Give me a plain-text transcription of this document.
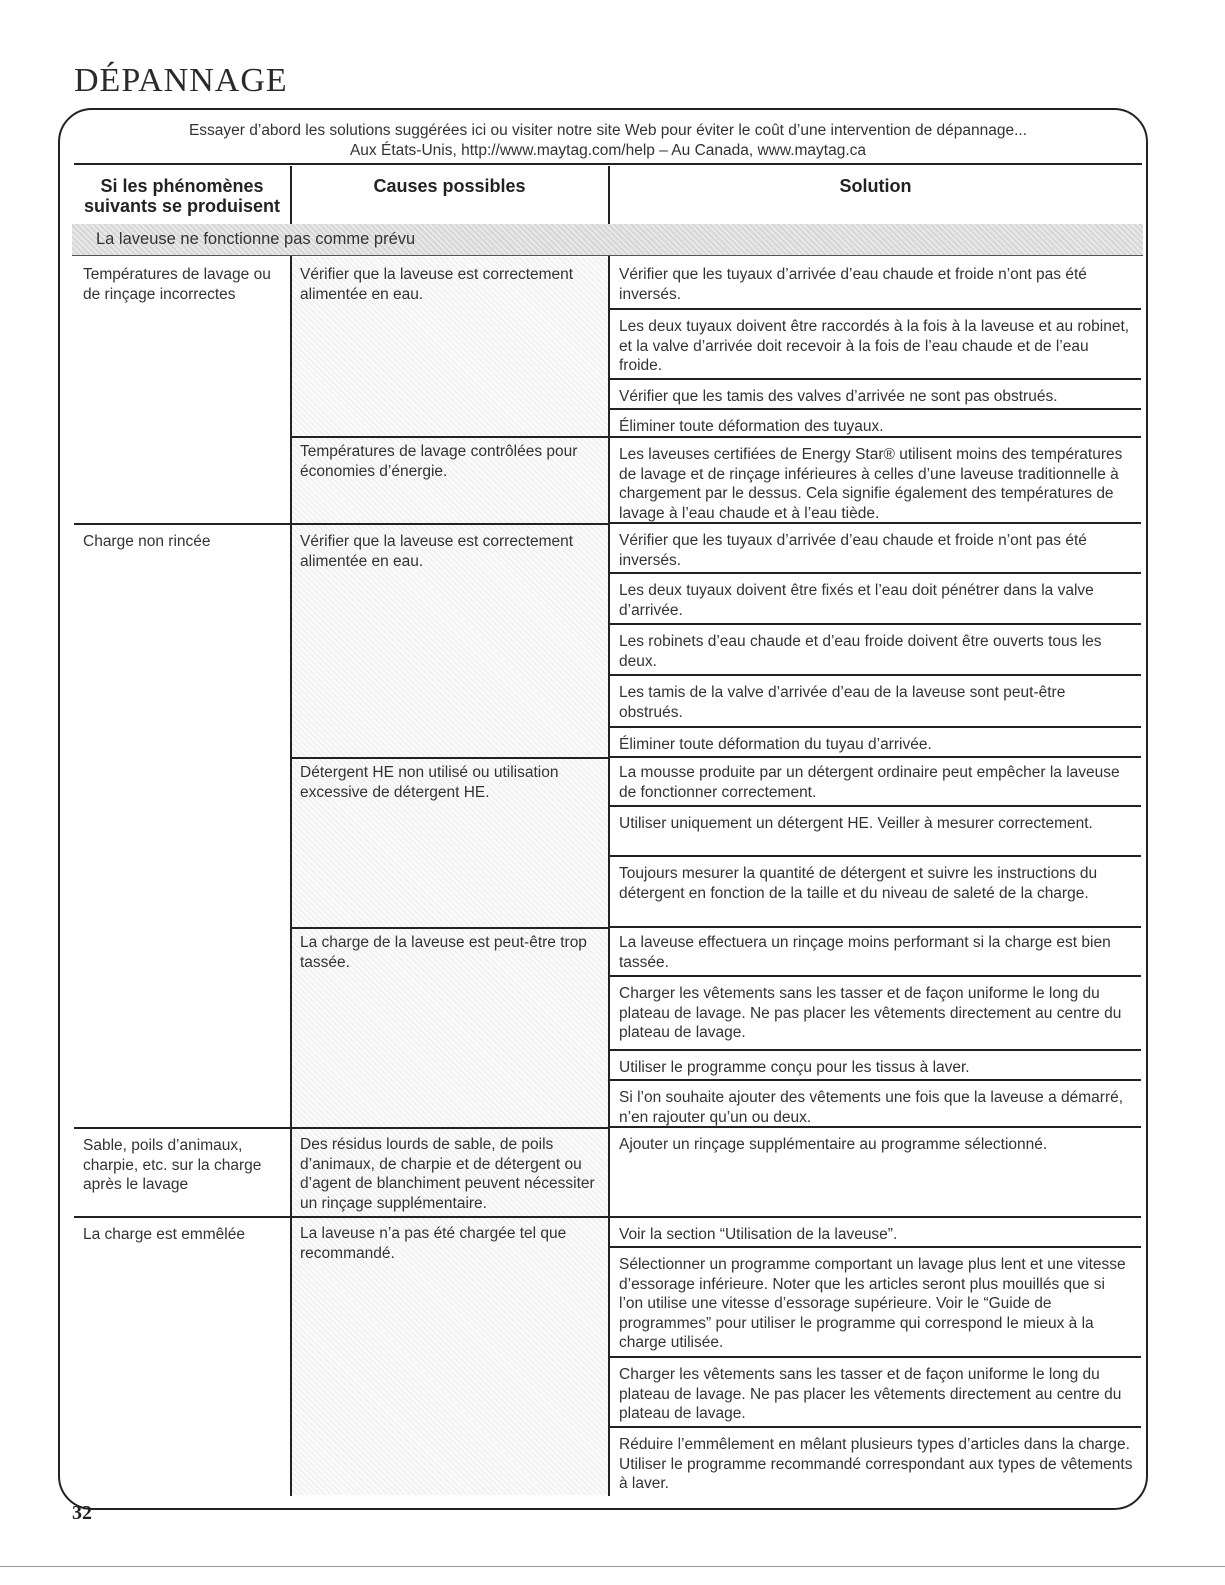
DÉPANNAGE
Essayer d’abord les solutions suggérées ici ou visiter notre site Web pour éviter le coût d’une intervention de dépannage...
Aux États-Unis, http://www.maytag.com/help – Au Canada, www.maytag.ca
Si les phénomènes suivants se produisent
Causes possibles	Solution
La laveuse ne fonctionne pas comme prévu
Températures de lavage ou de rinçage incorrectes
Charge non rincée
Sable, poils d’animaux, charpie, etc. sur la charge après le lavage
La charge est emmêlée
Vérifier que la laveuse est correctement alimentée en eau.
Températures de lavage contrôlées pour économies d’énergie.
Vérifier que la laveuse est correctement alimentée en eau.
Détergent HE non utilisé ou utilisation excessive de détergent HE.
La charge de la laveuse est peut-être trop tassée.
Des résidus lourds de sable, de poils d’animaux, de charpie et de détergent ou d’agent de blanchiment peuvent nécessiter un rinçage supplémentaire.
La laveuse n’a pas été chargée tel que recommandé.
Vérifier que les tuyaux d’arrivée d’eau chaude et froide n’ont pas été inversés.
Les deux tuyaux doivent être raccordés à la fois à la laveuse et au robinet, et la valve d’arrivée doit recevoir à la fois de l’eau chaude et de l’eau froide.
Vérifier que les tamis des valves d’arrivée ne sont pas obstrués.
Éliminer toute déformation des tuyaux.
Les laveuses certifiées de Energy Star® utilisent moins des températures de lavage et de rinçage inférieures à celles d’une laveuse traditionnelle à chargement par le dessus. Cela signifie également des températures de lavage à l’eau chaude et à l’eau tiède.
Vérifier que les tuyaux d’arrivée d’eau chaude et froide n’ont pas été inversés.
Les deux tuyaux doivent être fixés et l’eau doit pénétrer dans la valve d’arrivée.
Les robinets d’eau chaude et d’eau froide doivent être ouverts tous les deux.
Les tamis de la valve d’arrivée d’eau de la laveuse sont peut-être obstrués.
Éliminer toute déformation du tuyau d’arrivée.
La mousse produite par un détergent ordinaire peut empêcher la laveuse de fonctionner correctement.
Utiliser uniquement un détergent HE. Veiller à mesurer correctement.
Toujours mesurer la quantité de détergent et suivre les instructions du détergent en fonction de la taille et du niveau de saleté de la charge.
La laveuse effectuera un rinçage moins performant si la charge est bien tassée.
Charger les vêtements sans les tasser et de façon uniforme le long du plateau de lavage. Ne pas placer les vêtements directement au centre du plateau de lavage.
Utiliser le programme conçu pour les tissus à laver.
Si l’on souhaite ajouter des vêtements une fois que la laveuse a démarré, n’en rajouter qu’un ou deux.
Ajouter un rinçage supplémentaire au programme sélectionné.
Voir la section “Utilisation de la laveuse”.
Sélectionner un programme comportant un lavage plus lent et une vitesse d’essorage inférieure. Noter que les articles seront plus mouillés que si l’on utilise une vitesse d’essorage supérieure. Voir le “Guide de programmes” pour utiliser le programme qui correspond le mieux à la charge utilisée.
Charger les vêtements sans les tasser et de façon uniforme le long du plateau de lavage. Ne pas placer les vêtements directement au centre du plateau de lavage.
Réduire l’emmêlement en mêlant plusieurs types d’articles dans la charge. Utiliser le programme recommandé correspondant aux types de vêtements à laver.
32
